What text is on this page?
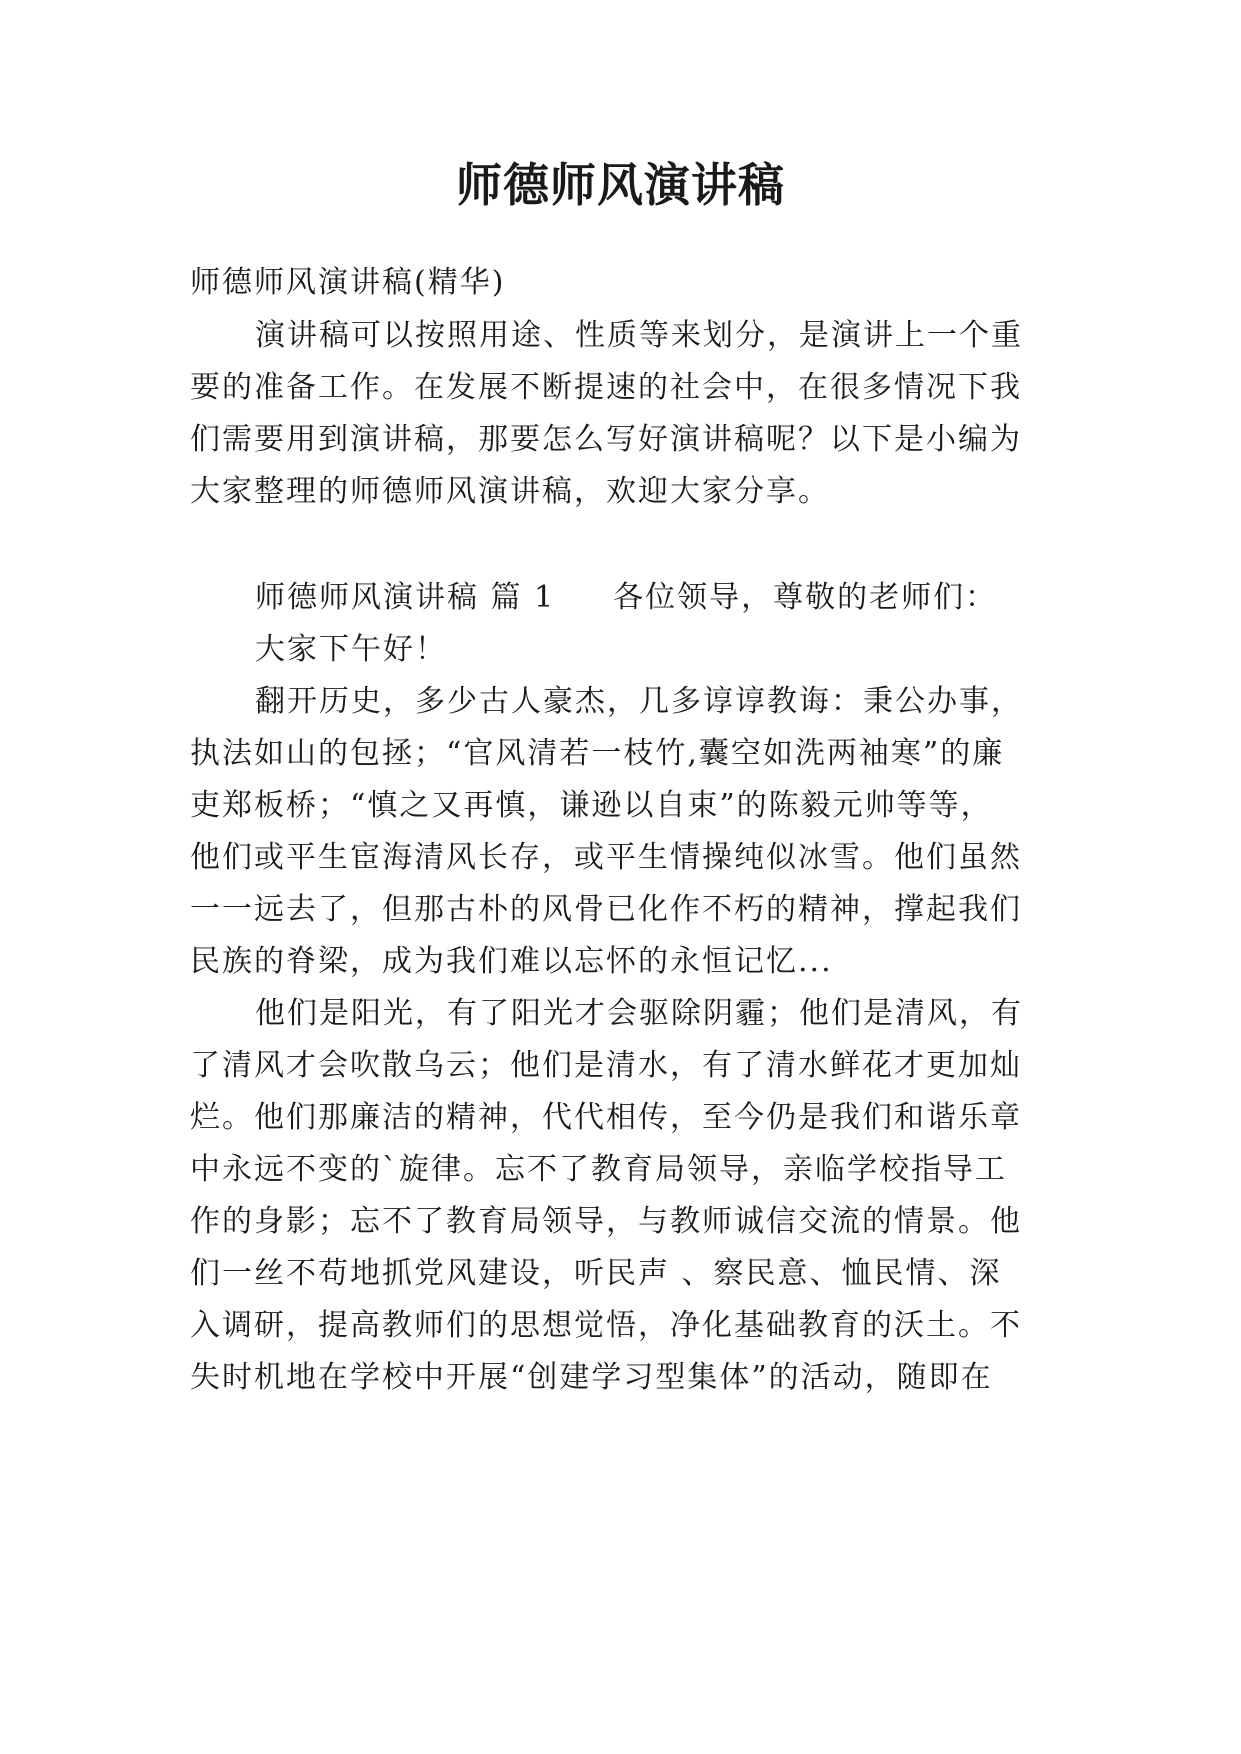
师德师风演讲稿
师德师风演讲稿(精华)
演讲稿可以按照用途、性质等来划分，是演讲上一个重
要的准备工作。在发展不断提速的社会中，在很多情况下我
们需要用到演讲稿，那要怎么写好演讲稿呢？以下是小编为
大家整理的师德师风演讲稿，欢迎大家分享。
师德师风演讲稿 篇 1 各位领导，尊敬的老师们：
大家下午好！
翻开历史，多少古人豪杰，几多谆谆教诲：秉公办事，
执法如山的包拯；“官风清若一枝竹,囊空如洗两袖寒”的廉
吏郑板桥；“慎之又再慎，谦逊以自束”的陈毅元帅等等，
他们或平生宦海清风长存，或平生情操纯似冰雪。他们虽然
一一远去了，但那古朴的风骨已化作不朽的精神，撑起我们
民族的脊梁，成为我们难以忘怀的永恒记忆...
他们是阳光，有了阳光才会驱除阴霾；他们是清风，有
了清风才会吹散乌云；他们是清水，有了清水鲜花才更加灿
烂。他们那廉洁的精神，代代相传，至今仍是我们和谐乐章
中永远不变的`旋律。忘不了教育局领导，亲临学校指导工
作的身影；忘不了教育局领导，与教师诚信交流的情景。他
们一丝不苟地抓党风建设，听民声 、察民意、恤民情、深
入调研，提高教师们的思想觉悟，净化基础教育的沃土。不
失时机地在学校中开展“创建学习型集体”的活动，随即在
